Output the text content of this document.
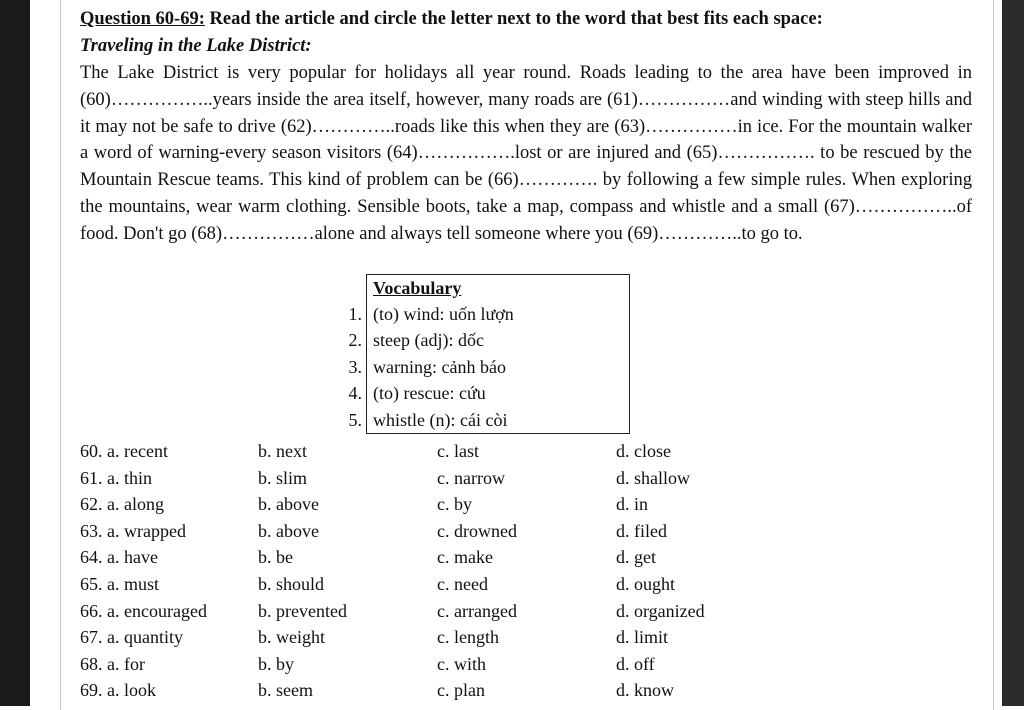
Question 60-69: Read the article and circle the letter next to the word that best fits each space:
Traveling in the Lake District:

The Lake District is very popular for holidays all year round. Roads leading to the area have been improved in (60)……………..years inside the area itself, however, many roads are (61)……………and winding with steep hills and it may not be safe to drive (62)…………..roads like this when they are (63)……………in ice. For the mountain walker a word of warning-every season visitors (64)…………….lost or are injured and (65)……………. to be rescued by the Mountain Rescue teams. This kind of problem can be (66)…………. by following a few simple rules. When exploring the mountains, wear warm clothing. Sensible boots, take a map, compass and whistle and a small (67)……………..of food. Don't go (68)……………alone and always tell someone where you (69)…………..to go to.

	Vocabulary
1.	(to) wind: uốn lượn
2.	steep (adj): dốc
3.	warning: cảnh báo
4.	(to) rescue: cứu
5.	whistle (n): cái còi
60. a. recent	b. next	c. last	d. close
61. a. thin	b. slim	c. narrow	d. shallow
62. a. along	b. above	c. by	d. in
63. a. wrapped	b. above	c. drowned	d. filed
64. a. have	b. be	c. make	d. get
65. a. must	b. should	c. need	d. ought
66. a. encouraged	b. prevented	c. arranged	d. organized
67. a. quantity	b. weight	c. length	d. limit
68. a. for	b. by	c. with	d. off
69. a. look	b. seem	c. plan	d. know
